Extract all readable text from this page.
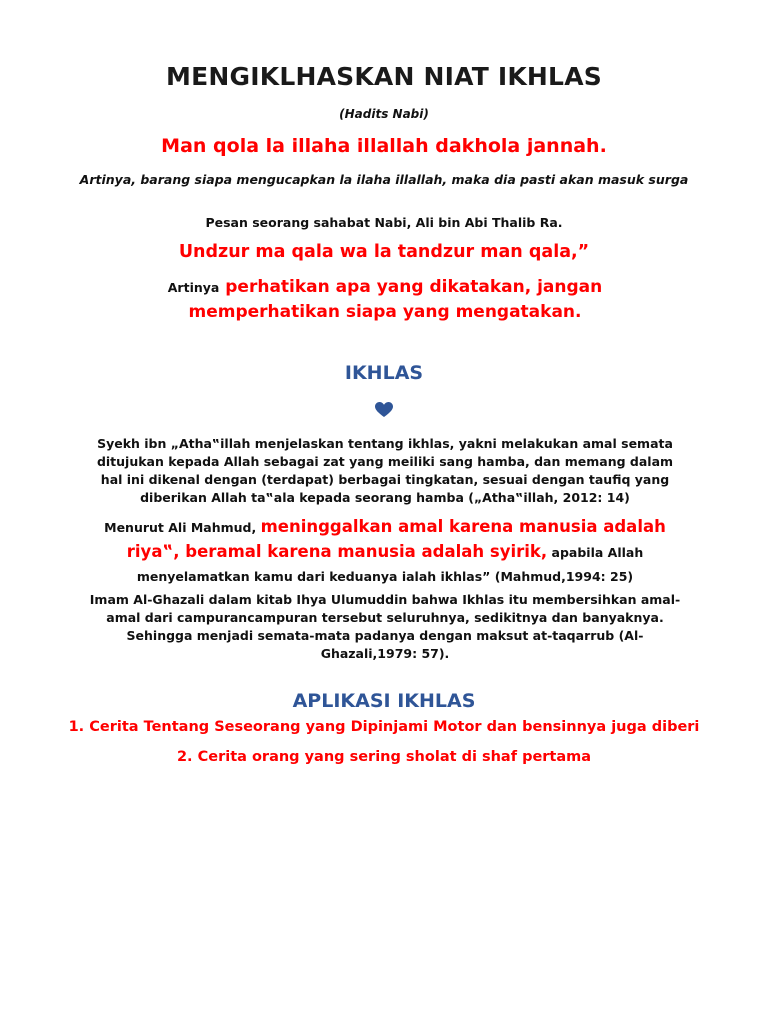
MENGIKLHASKAN NIAT IKHLAS
(Hadits Nabi)
Man qola la illaha illallah dakhola jannah.
Artinya, barang siapa mengucapkan la ilaha illallah, maka dia pasti akan masuk surga
Pesan seorang sahabat Nabi, Ali bin Abi Thalib Ra.
Undzur ma qala wa la tandzur man qala,”
Artinya perhatikan apa yang dikatakan, jangan memperhatikan siapa yang mengatakan.
IKHLAS
Syekh ibn „Atha‟illah menjelaskan tentang ikhlas, yakni melakukan amal semata ditujukan kepada Allah sebagai zat yang meiliki sang hamba, dan memang dalam hal ini dikenal dengan (terdapat) berbagai tingkatan, sesuai dengan taufiq yang diberikan Allah ta‟ala kepada seorang hamba („Atha‟illah, 2012: 14)
Menurut Ali Mahmud, meninggalkan amal karena manusia adalah riya‟, beramal karena manusia adalah syirik, apabila Allah menyelamatkan kamu dari keduanya ialah ikhlas” (Mahmud,1994: 25)
Imam Al-Ghazali dalam kitab Ihya Ulumuddin bahwa Ikhlas itu membersihkan amal-amal dari campurancampuran tersebut seluruhnya, sedikitnya dan banyaknya. Sehingga menjadi semata-mata padanya dengan maksut at-taqarrub (Al-Ghazali,1979: 57).
APLIKASI IKHLAS
1. Cerita Tentang Seseorang yang Dipinjami Motor dan bensinnya juga diberi
2. Cerita orang yang sering sholat di shaf pertama
